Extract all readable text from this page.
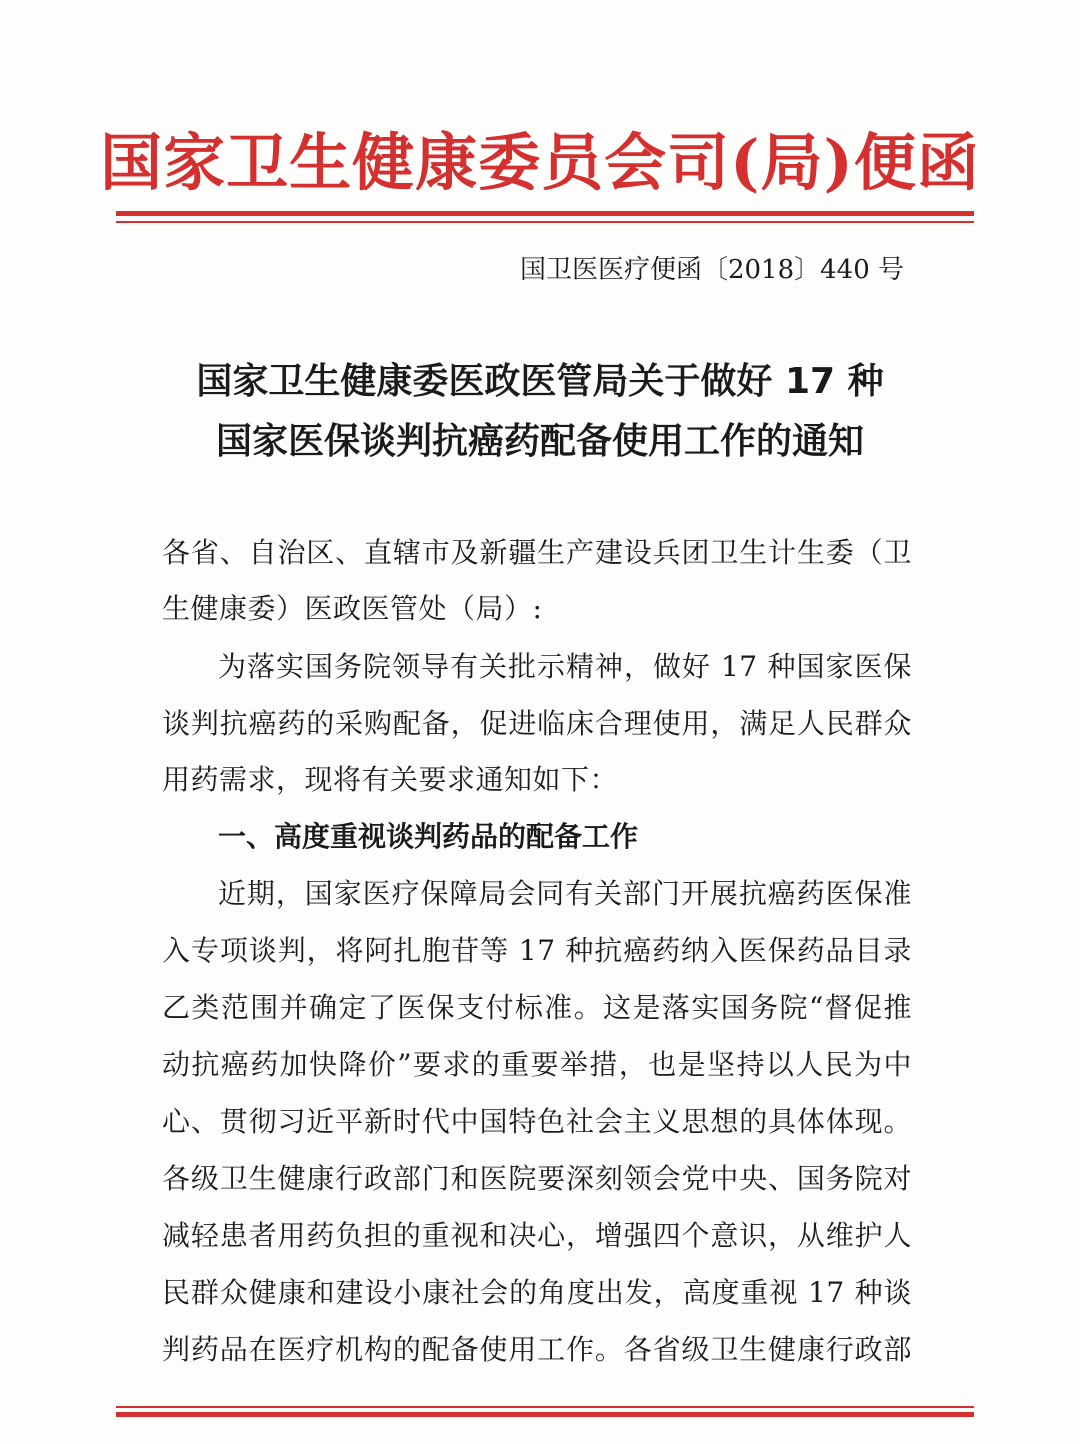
国家卫生健康委员会司(局)便函
国卫医医疗便函〔2018〕440 号
国家卫生健康委医政医管局关于做好 17 种
国家医保谈判抗癌药配备使用工作的通知
各省、自治区、直辖市及新疆生产建设兵团卫生计生委（卫
生健康委）医政医管处（局）:
为落实国务院领导有关批示精神，做好 17 种国家医保
谈判抗癌药的采购配备，促进临床合理使用，满足人民群众
用药需求，现将有关要求通知如下：
一、高度重视谈判药品的配备工作
近期，国家医疗保障局会同有关部门开展抗癌药医保准
入专项谈判，将阿扎胞苷等 17 种抗癌药纳入医保药品目录
乙类范围并确定了医保支付标准。这是落实国务院“督促推
动抗癌药加快降价”要求的重要举措，也是坚持以人民为中
心、贯彻习近平新时代中国特色社会主义思想的具体体现。
各级卫生健康行政部门和医院要深刻领会党中央、国务院对
减轻患者用药负担的重视和决心，增强四个意识，从维护人
民群众健康和建设小康社会的角度出发，高度重视 17 种谈
判药品在医疗机构的配备使用工作。各省级卫生健康行政部
